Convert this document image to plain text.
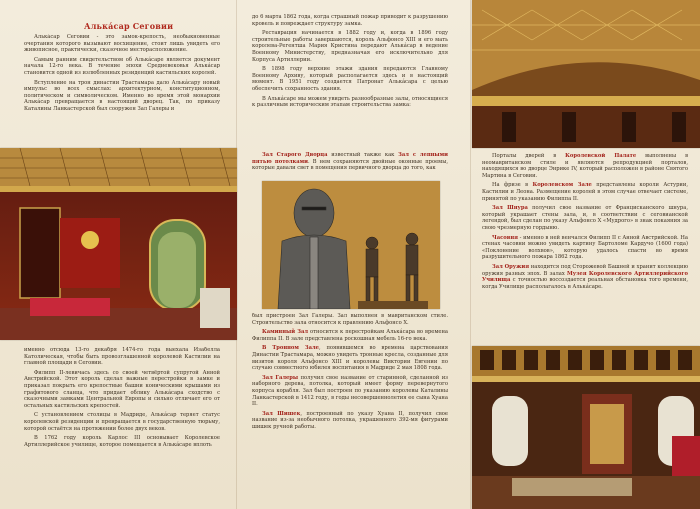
Алькáсар Сеговии

Алькáсар Сеговии - это замок-крепость, необыкновенные очертания которого вызывают восхищение, стоит лишь увидеть его живописное, практически, сказочное месторасположение.

Самым ранним свидетельством об Алькáсаре является документ начала 12-го века. В течение эпохи Средневековья Алькáсар становится одной из излюбленных резиденций кастильских королей.

Вступление на трон династии Трастамара дало Алькáсару новый импульс во всех смыслах: архитектурном, конституционном, политическом и символическом. Именно во время этой монархии Алькáсар превращается в настоящий дворец. Так, по приказу Каталины Ланкастерской был сооружен Зал Галеры и

именно отсюда 13-го декабря 1474-го года выехала Изабелла Католическая, чтобы быть провозглашенной королевой Кастилии на главной площади в Сеговии.

Филипп II-левичась здесь со своей четвёртой супругой Анной Австрийской. Этот король сделал важные перестройки в замке и приказал покрыть его крепостные башни коническими крышами из графитового сланца, что придает облику Алькáсара сходство с сказочными замками Центральной Европы и сильно отличает его от остальных кастильских крепостей.

С установлением столицы в Мадриде, Алькáсар теряет статус королевской резиденции и превращается в государственную тюрьму, которой остаётся на протяжении более двух веков.

В 1762 году король Карлос III основывает Королевское Артиллерийское училище, которое помещается в Алькáсаре вплоть

до 6 марта 1862 года, когда страшный пожар приводит к разрушению кровель и повреждает структуру замка.

Реставрация начинается в 1882 году и, когда в 1896 году строительные работы завершаются, король Альфонсо XIII и его мать королева-Регентша Мария Кристина передают Алькáсар в ведение Военному Министерству, предназначая его исключительно для Корпуса Артиллерии.

В 1898 году верхние этажи здания передаются Главному Военному Архиву, который располагается здесь и в настоящий момент. В 1951 году создается Патронат Алькáсара с целью обеспечить сохранность здания.

В Алькáсаре мы можем увидеть разнообразные залы, относящиеся к различным историческим этапам строительства замка:

Зал Старого Дворца известный также как Зал с лепными пятью потолками. В нем сохраняются двойные оконные проемы, которые давали свет в помещения первичного дворца до того, как

был пристроен Зал Галеры. Зал выполнен в мавританском стиле. Строительство зала относится к правлению Альфонсо Х.

Каминный Зал относится к перестройкам Алькáсара во времена Филиппа II. В зале представлена роскошная мебель 16-го века.

В Тронном Зале, появившемся во времена царствования Династии Трастамара, можно увидеть тронные кресла, созданные для визитов короля Альфонсо XIII и королевы Виктории Евгении по случаю совместного юбилея воспитания в Мадриде 2 мая 1808 года.

Зал Галеры получил свое название от старинной, сделанной из наборного дерева, потолка, который имеет форму перевернутого корпуса корабля. Зал был построен по указанию королевы Каталины Ланкастерской в 1412 году, в годы несовершеннолетия ее сына Хуана II.

Зал Шишек, построенный по указу Хуана II, получил свое название из-за необычного потолка, украшенного 392-мя фигурами шишек ручной работы.

Порталы дверей в Королевской Палате выполнены в неомавританском стиле и являются репродукцией порталов, находящихся во дворце Энрике IV, который расположен в районе Святого Мартина в Сеговии.

На фризе в Королевском Зале представлены короли Астурии, Кастилии и Леона. Размещение королей в этом случае отвечает системе, принятой по указанию Филиппа II.

Зал Шнура получил свое название от Францисканского шнура, который украшает стены зала, и, в соответствии с сеговианской легендой, был сделан по указу Альфонсо Х «Мудрого» в знак покаяния за свою чрезмерную гордыню.

Часовня - именно в ней венчался Филипп II с Анной Австрийской. На стенах часовни можно увидеть картину Бартоломе Кардучо (1600 года) «Поклонение волхвов», которую удалось спасти во время разрушительного пожара 1862 года.

Зал Оружия находится под Сторожевой Башней и хранит коллекцию оружия разных эпох. В залах Музея Королевского Артиллерийского Училища с точностью воссоздается реальная обстановка того времени, когда Училище располагалось в Алькáсаре.
